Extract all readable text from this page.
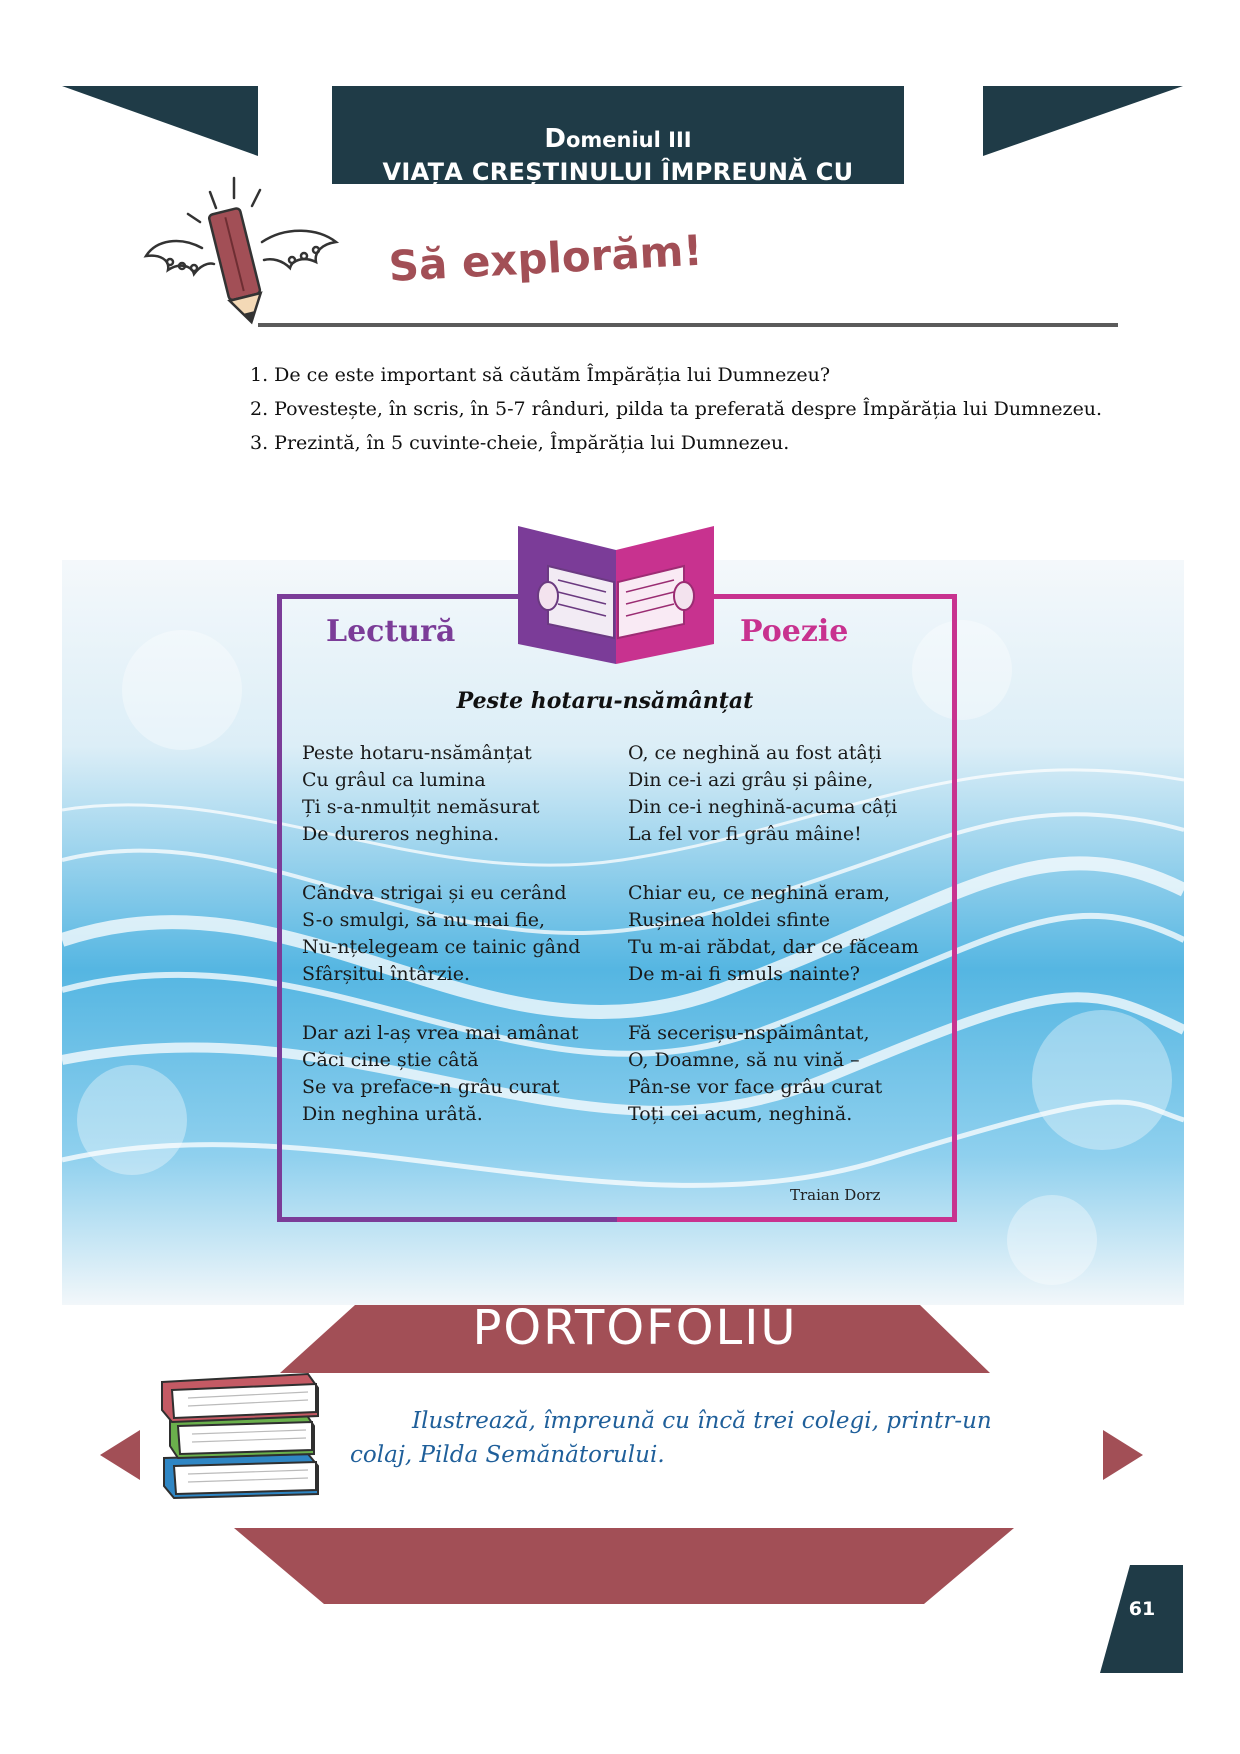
Domeniul III
VIAȚA CREȘTINULUI ÎMPREUNĂ CU SEMENII
Să explorăm!
1. De ce este important să căutăm Împărăția lui Dumnezeu?
2. Povestește, în scris, în 5-7 rânduri, pilda ta preferată despre Împărăția lui Dumnezeu.
3. Prezintă, în 5 cuvinte-cheie, Împărăția lui Dumnezeu.
Lectură	Poezie
Peste hotaru-nsămânțat
Peste hotaru-nsămânțat
Cu grâul ca lumina
Ți s-a-nmulțit nemăsurat
De dureros neghina.
O, ce neghină au fost atâți
Din ce-i azi grâu și pâine,
Din ce-i neghină-acuma câți
La fel vor fi grâu mâine!
Cândva strigai și eu cerând
S-o smulgi, să nu mai fie,
Nu-nțelegeam ce tainic gând
Sfârșitul întârzie.
Chiar eu, ce neghină eram,
Rușinea holdei sfinte
Tu m-ai răbdat, dar ce făceam
De m-ai fi smuls nainte?
Dar azi l-aș vrea mai amânat
Căci cine știe câtă
Se va preface-n grâu curat
Din neghina urâtă.
Fă secerișu-nspăimântat,
O, Doamne, să nu vină –
Pân-se vor face grâu curat
Toți cei acum, neghină.
Traian Dorz
PORTOFOLIU
Ilustrează, împreună cu încă trei colegi, printr-un colaj, Pilda Semănătorului.
61
